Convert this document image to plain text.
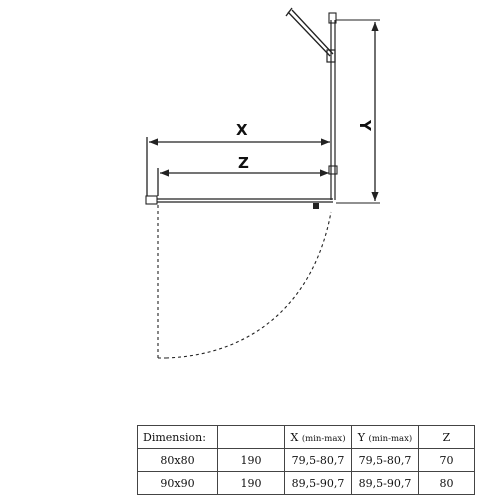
X
Z
Y
Dimension:		X (min-max)	Y (min-max)	Z
80x80	190	79,5-80,7	79,5-80,7	70
90x90	190	89,5-90,7	89,5-90,7	80
